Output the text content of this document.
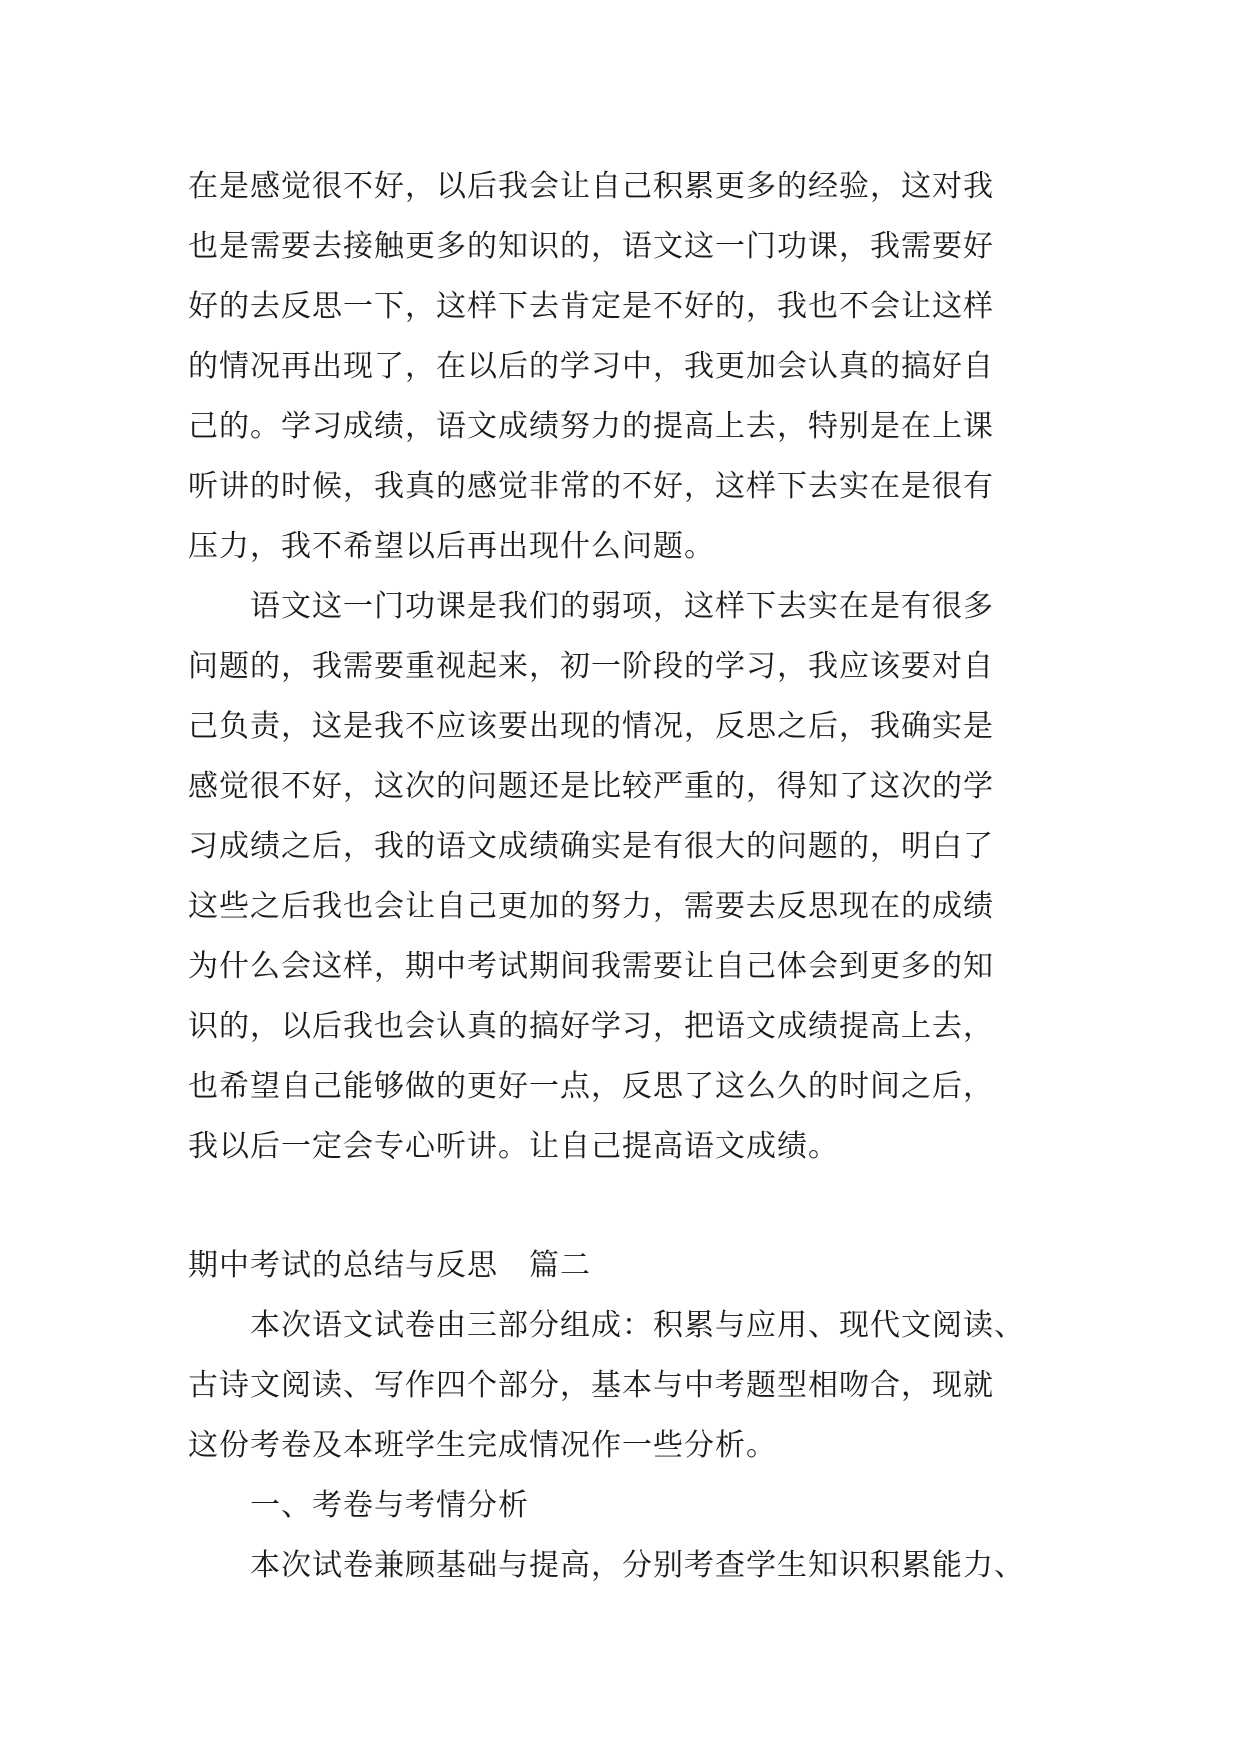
在是感觉很不好，以后我会让自己积累更多的经验，这对我
也是需要去接触更多的知识的，语文这一门功课，我需要好
好的去反思一下，这样下去肯定是不好的，我也不会让这样
的情况再出现了，在以后的学习中，我更加会认真的搞好自
己的。学习成绩，语文成绩努力的提高上去，特别是在上课
听讲的时候，我真的感觉非常的不好，这样下去实在是很有
压力，我不希望以后再出现什么问题。
　　语文这一门功课是我们的弱项，这样下去实在是有很多
问题的，我需要重视起来，初一阶段的学习，我应该要对自
己负责，这是我不应该要出现的情况，反思之后，我确实是
感觉很不好，这次的问题还是比较严重的，得知了这次的学
习成绩之后，我的语文成绩确实是有很大的问题的，明白了
这些之后我也会让自己更加的努力，需要去反思现在的成绩
为什么会这样，期中考试期间我需要让自己体会到更多的知
识的，以后我也会认真的搞好学习，把语文成绩提高上去，
也希望自己能够做的更好一点，反思了这么久的时间之后，
我以后一定会专心听讲。让自己提高语文成绩。
期中考试的总结与反思　篇二
　　本次语文试卷由三部分组成：积累与应用、现代文阅读、
古诗文阅读、写作四个部分，基本与中考题型相吻合，现就
这份考卷及本班学生完成情况作一些分析。
　　一、考卷与考情分析
　　本次试卷兼顾基础与提高，分别考查学生知识积累能力、
